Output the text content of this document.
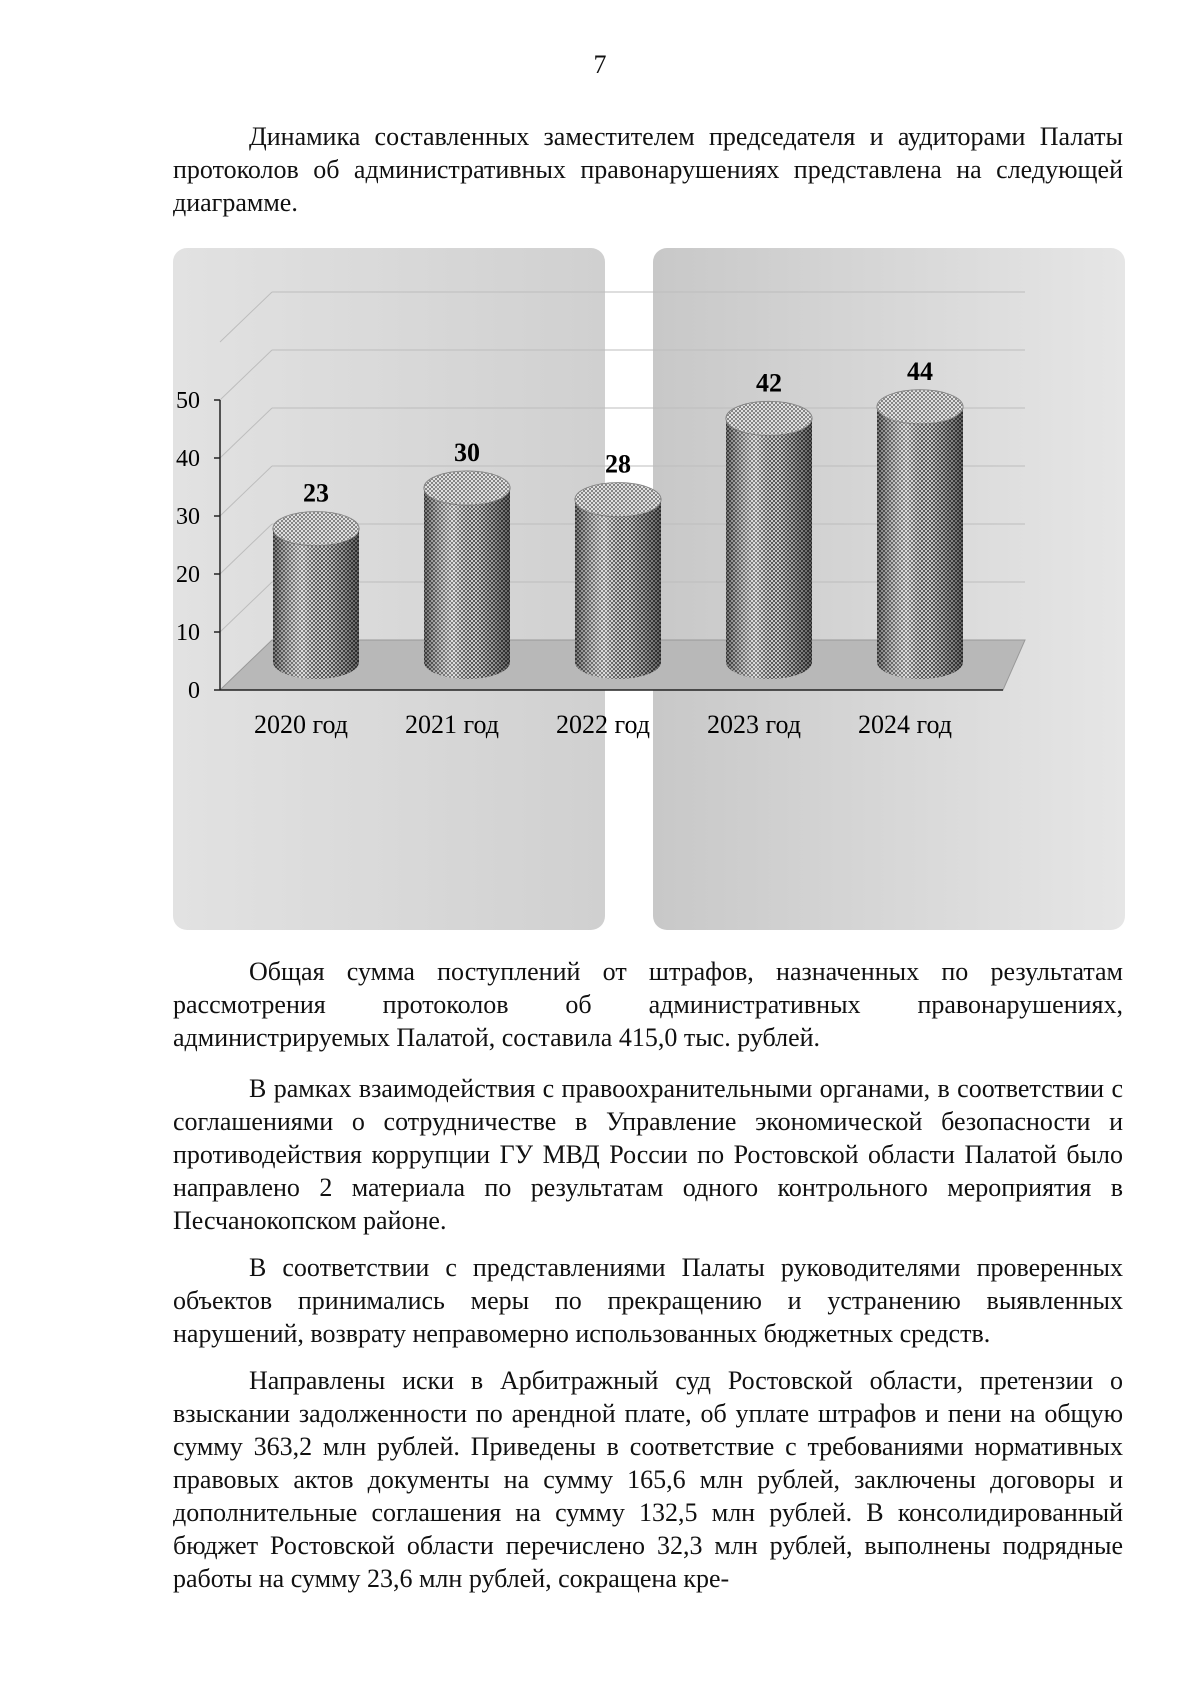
7

Динамика составленных заместителем председателя и аудиторами Палаты протоколов об административных правонарушениях представлена на следующей диаграмме.

0
10
20
30
40
50
23
2020 год
30
2021 год
28
2022 год
42
2023 год
44
2024 год

Общая сумма поступлений от штрафов, назначенных по результатам рассмотрения протоколов об административных правонарушениях, администрируемых Палатой, составила 415,0 тыс. рублей.

В рамках взаимодействия с правоохранительными органами, в соответствии с соглашениями о сотрудничестве в Управление экономической безопасности и противодействия коррупции ГУ МВД России по Ростовской области Палатой было направлено 2 материала по результатам одного контрольного мероприятия в Песчанокопском районе.

В соответствии с представлениями Палаты руководителями проверенных объектов принимались меры по прекращению и устранению выявленных нарушений, возврату неправомерно использованных бюджетных средств.

Направлены иски в Арбитражный суд Ростовской области, претензии о взыскании задолженности по арендной плате, об уплате штрафов и пени на общую сумму 363,2 млн рублей. Приведены в соответствие с требованиями нормативных правовых актов документы на сумму 165,6 млн рублей, заключены договоры и дополнительные соглашения на сумму 132,5 млн рублей. В консолидированный бюджет Ростовской области перечислено 32,3 млн рублей, выполнены подрядные работы на сумму 23,6 млн рублей, сокращена кре-
